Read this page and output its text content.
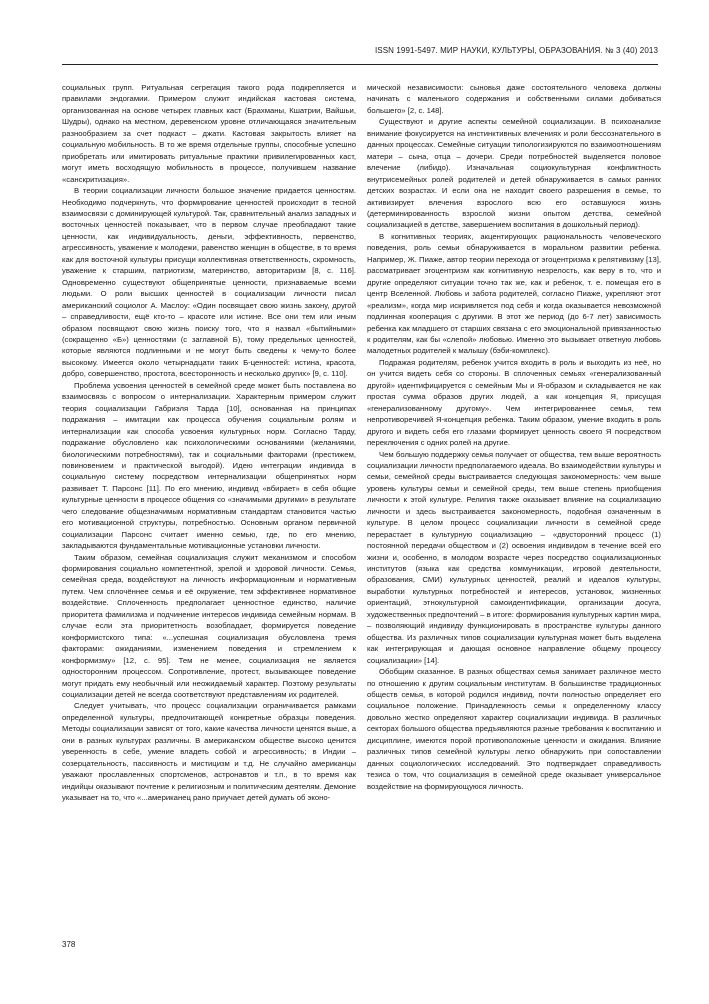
ISSN 1991-5497. МИР НАУКИ, КУЛЬТУРЫ, ОБРАЗОВАНИЯ. № 3 (40) 2013

социальных групп. Ритуальная сегрегация такого рода подкрепляется и правилами эндогамии. Примером служит индийская кастовая система, организованная на основе четырех главных каст (Брахманы, Кшатрии, Вайшьи, Шудры), однако на местном, деревенском уровне отличающаяся значительным разнообразием за счет подкаст – джати. Кастовая закрытость влияет на социальную мобильность. В то же время отдельные группы, способные успешно приобретать или имитировать ритуальные практики привилегированных каст, могут иметь восходящую мобильность в процессе, получившем название «санскритизация».

В теории социализации личности большое значение придается ценностям. Необходимо подчеркнуть, что формирование ценностей происходит в тесной взаимосвязи с доминирующей культурой. Так, сравнительный анализ западных и восточных ценностей показывает, что в первом случае преобладают такие ценности, как индивидуальность, деньги, эффективность, первенство, агрессивность, уважение к молодежи, равенство женщин в обществе, в то время как для восточной культуры присущи коллективная ответственность, скромность, уважение к старшим, патриотизм, материнство, авторитаризм [8, с. 116]. Одновременно существуют общепринятые ценности, признаваемые всеми людьми. О роли высших ценностей в социализации личности писал американский социолог А. Маслоу: «Один посвящает свою жизнь закону, другой – справедливости, ещё кто-то – красоте или истине. Все они тем или иным образом посвящают свою жизнь поиску того, что я назвал «бытийными» (сокращенно «Б») ценностями (с заглавной Б), тому предельных ценностей, которые являются подлинными и не могут быть сведены к чему-то более высокому. Имеется около четырнадцати таких Б-ценностей: истина, красота, добро, совершенство, простота, всесторонность и несколько других» [9, с. 110].

Проблема усвоения ценностей в семейной среде может быть поставлена во взаимосвязь с вопросом о интернализации. Характерным примером служит теория социализации Габриэля Тарда [10], основанная на принципах подражания – имитации как процесса обучения социальным ролям и интернализации как способа усвоения культурных норм. Согласно Тарду, подражание обусловлено как психологическими основаниями (желаниями, биологическими потребностями), так и социальными факторами (престижем, повиновением и практической выгодой). Идею интеграции индивида в социальную систему посредством интернализации общепринятых норм развивает Т. Парсонс [11]. По его мнению, индивид «вбирает» в себя общие культурные ценности в процессе общения со «значимыми другими» в результате чего следование общезначимым нормативным стандартам становится частью его мотивационной структуры, потребностью. Основным органом первичной социализации Парсонс считает именно семью, где, по его мнению, закладываются фундаментальные мотивационные установки личности.

Таким образом, семейная социализация служит механизмом и способом формирования социально компетентной, зрелой и здоровой личности. Семья, семейная среда, воздействуют на личность информационным и нормативным путем. Чем сплочённее семья и её окружение, тем эффективнее нормативное воздействие. Сплоченность предполагает ценностное единство, наличие приоритета фамилизма и подчинение интересов индивида семейным нормам. В случае если эта приоритетность возобладает, формируется поведение конформистского типа: «...успешная социализация обусловлена тремя факторами: ожиданиями, изменением поведения и стремлением к конформизму» [12, с. 95]. Тем не менее, социализация не является односторонним процессом. Сопротивление, протест, вызывающее поведение могут придать ему необычный или неожидаемый характер. Поэтому результаты социализации детей не всегда соответствуют представлениям их родителей.

Следует учитывать, что процесс социализации ограничивается рамками определенной культуры, предпочитающей конкретные образцы поведения. Методы социализации зависят от того, какие качества личности ценятся выше, а они в разных культурах различны. В американском обществе высоко ценится уверенность в себе, умение владеть собой и агрессивность; в Индии – созерцательность, пассивность и мистицизм и т.д. Не случайно американцы уважают прославленных спортсменов, астронавтов и т.п., в то время как индийцы оказывают почтение к религиозным и политическим деятелям. Демоние указывает на то, что «...американец рано приучает детей думать об эконо-

мической независимости: сыновья даже состоятельного человека должны начинать с маленького содержания и собственными силами добиваться большего» [2, с. 148].

Существуют и другие аспекты семейной социализации. В психоанализе внимание фокусируется на инстинктивных влечениях и роли бессознательного в данных процессах. Семейные ситуации типологизируются по взаимоотношениям матери – сына, отца – дочери. Среди потребностей выделяется половое влечение (либидо). Изначальная социокультурная конфликтность внутрисемейных ролей родителей и детей обнаруживается в самых ранних детских возрастах. И если она не находит своего разрешения в семье, то активизирует влечения взрослого всю его оставшуюся жизнь (детерминированность взрослой жизни опытом детства, семейной социализацией в детстве, завершением воспитания в дошкольный период).

В когнитивных теориях, акцентирующих рациональность человеческого поведения, роль семьи обнаруживается в моральном развитии ребенка. Например, Ж. Пиаже, автор теории перехода от эгоцентризма к релятивизму [13], рассматривает эгоцентризм как когнитивную незрелость, как веру в то, что и другие определяют ситуации точно так же, как и ребенок, т. е. помещая его в центр Вселенной. Любовь и забота родителей, согласно Пиаже, укрепляют этот «реализм», когда мир искривляется под себя и когда оказывается невозможной подлинная кооперация с другими. В этот же период (до 6-7 лет) зависимость ребенка как младшего от старших связана с его эмоциональной привязанностью к родителям, как бы «слепой» любовью. Именно это вызывает ответную любовь малодетных родителей к малышу (бэби-комплекс).

Подражая родителям, ребенок учится входить в роль и выходить из неё, но он учится видеть себя со стороны. В сплоченных семьях «генерализованный другой» идентифицируется с семейным Мы и Я-образом и складывается не как простая сумма образов других людей, а как концепция Я, присущая «генерализованному другому». Чем интегрированнее семья, тем непротиворечивей Я-концепция ребенка. Таким образом, умение входить в роль другого и видеть себя его глазами формирует ценность своего Я посредством переключения с одних ролей на другие.

Чем большую поддержку семья получает от общества, тем выше вероятность социализации личности предполагаемого идеала. Во взаимодействии культуры и семьи, семейной среды выстраивается следующая закономерность: чем выше уровень культуры семьи и семейной среды, тем выше степень приобщения личности к этой культуре. Религия также оказывает влияние на социализацию личности и здесь выстраивается закономерность, подобная означенным в культуре. В целом процесс социализации личности в семейной среде перерастает в культурную социализацию – «двусторонний процесс (1) постоянной передачи обществом и (2) освоения индивидом в течение всей его жизни и, особенно, в молодом возрасте через посредство социализационных институтов (языка как средства коммуникации, игровой деятельности, образования, СМИ) культурных ценностей, реалий и идеалов культуры, выработки культурных потребностей и интересов, установок, жизненных ориентаций, этнокультурной самоидентификации, организации досуга, художественных предпочтений – в итоге: формирования культурных картин мира, – позволяющий индивиду функционировать в пространстве культуры данного общества. Из различных типов социализации культурная может быть выделена как интегрирующая и дающая основное направление общему процессу социализации» [14].

Обобщим сказанное. В разных обществах семья занимает различное место по отношению к другим социальным институтам. В большинстве традиционных обществ семья, в которой родился индивид, почти полностью определяет его социальное положение. Принадлежность семьи к определенному классу довольно жестко определяют характер социализации индивида. В различных секторах большого общества предъявляются разные требования к воспитанию и дисциплине, имеются порой противоположные ценности и ожидания. Влияние различных типов семейной культуры легко обнаружить при сопоставлении данных социологических исследований. Это подтверждает справедливость тезиса о том, что социализация в семейной среде оказывает универсальное воздействие на формирующуюся личность.

378
